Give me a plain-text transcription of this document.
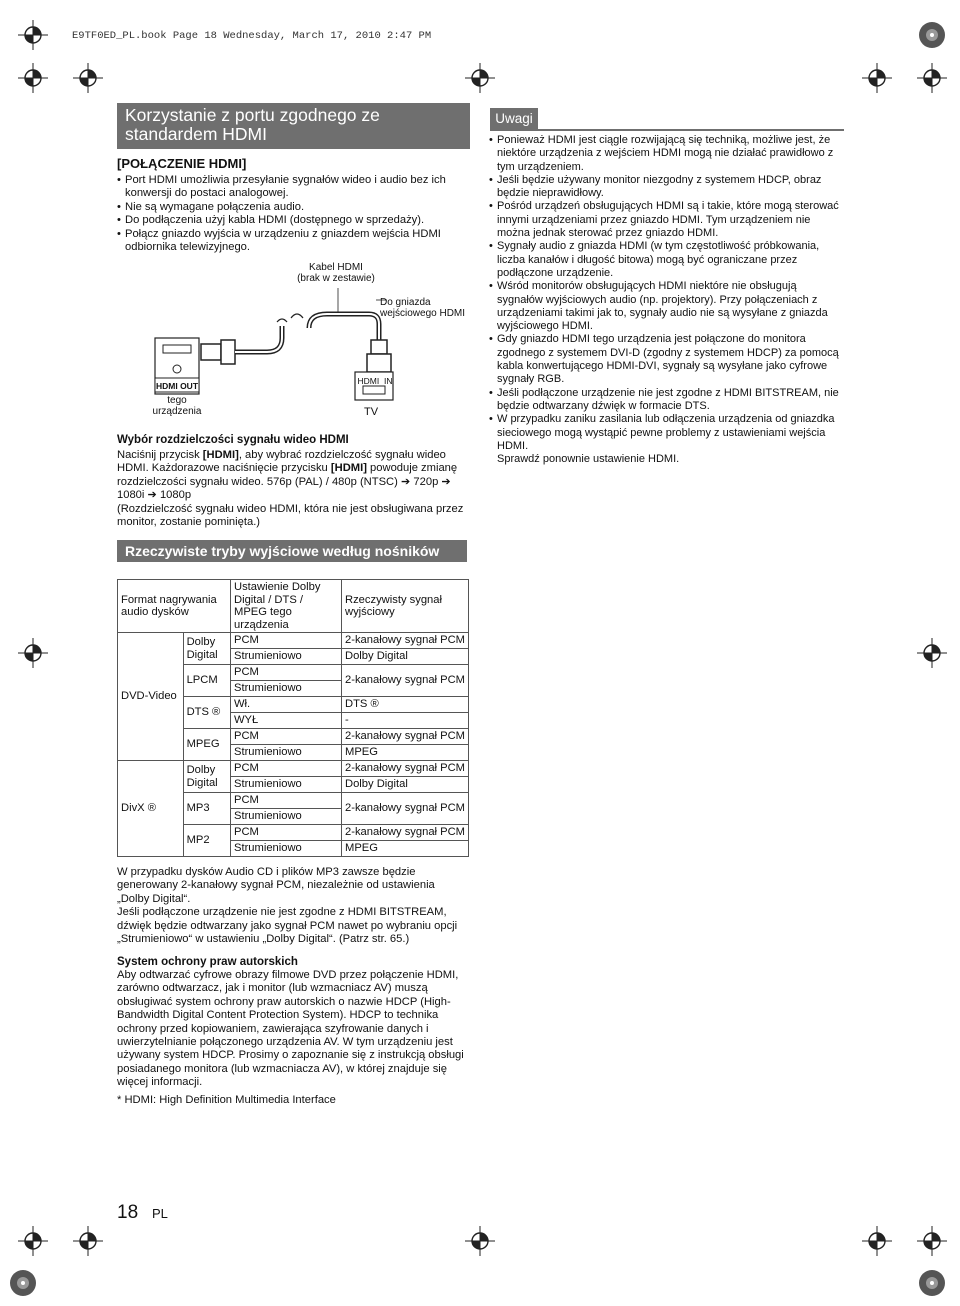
E9TF0ED_PL.book Page 18 Wednesday, March 17, 2010 2:47 PM
Korzystanie z portu zgodnego ze standardem HDMI
[POŁĄCZENIE HDMI]
• Port HDMI umożliwia przesyłanie sygnałów wideo i audio bez ich konwersji do postaci analogowej.
• Nie są wymagane połączenia audio.
• Do podłączenia użyj kabla HDMI (dostępnego w sprzedaży).
• Połącz gniazdo wyjścia w urządzeniu z gniazdem wejścia HDMI odbiornika telewizyjnego.
Kabel HDMI
(brak w zestawie)
Do gniazda
wejściowego HDMI
HDMI OUT
tego
urządzenia
HDMI  IN
TV
Wybór rozdzielczości sygnału wideo HDMI
Naciśnij przycisk [HDMI], aby wybrać rozdzielczość sygnału wideo HDMI. Każdorazowe naciśnięcie przycisku [HDMI] powoduje zmianę rozdzielczości sygnału wideo. 576p (PAL) / 480p (NTSC) ➔ 720p ➔ 1080i ➔ 1080p
(Rozdzielczość sygnału wideo HDMI, która nie jest obsługiwana przez monitor, zostanie pominięta.)
Uwagi
• Ponieważ HDMI jest ciągle rozwijającą się techniką, możliwe jest, że niektóre urządzenia z wejściem HDMI mogą nie działać prawidłowo z tym urządzeniem.
• Jeśli będzie używany monitor niezgodny z systemem HDCP, obraz będzie nieprawidłowy.
• Pośród urządzeń obsługujących HDMI są i takie, które mogą sterować innymi urządzeniami przez gniazdo HDMI. Tym urządzeniem nie można jednak sterować przez gniazdo HDMI.
• Sygnały audio z gniazda HDMI (w tym częstotliwość próbkowania, liczba kanałów i długość bitowa) mogą być ograniczane przez podłączone urządzenie.
• Wśród monitorów obsługujących HDMI niektóre nie obsługują sygnałów wyjściowych audio (np. projektory). Przy połączeniach z urządzeniami takimi jak to, sygnały audio nie są wysyłane z gniazda wyjściowego HDMI.
• Gdy gniazdo HDMI tego urządzenia jest połączone do monitora zgodnego z systemem DVI-D (zgodny z systemem HDCP) za pomocą kabla konwertującego HDMI-DVI, sygnały są wysyłane jako cyfrowe sygnały RGB.
• Jeśli podłączone urządzenie nie jest zgodne z HDMI BITSTREAM, nie będzie odtwarzany dźwięk w formacie DTS.
• W przypadku zaniku zasilania lub odłączenia urządzenia od gniazdka sieciowego mogą wystąpić pewne problemy z ustawieniami wejścia HDMI.
Sprawdź ponownie ustawienie HDMI.
Rzeczywiste tryby wyjściowe według nośników
Format nagrywania audio dysków		Ustawienie Dolby Digital / DTS / MPEG tego urządzenia	Rzeczywisty sygnał wyjściowy
DVD-Video	Dolby Digital	PCM	2-kanałowy sygnał PCM
		Strumieniowo	Dolby Digital
	LPCM	PCM	2-kanałowy sygnał PCM
		Strumieniowo	
	DTS ®	Wł.	DTS ®
		WYŁ	-
	MPEG	PCM	2-kanałowy sygnał PCM
		Strumieniowo	MPEG
DivX ®	Dolby Digital	PCM	2-kanałowy sygnał PCM
		Strumieniowo	Dolby Digital
	MP3	PCM	2-kanałowy sygnał PCM
		Strumieniowo	
	MP2	PCM	2-kanałowy sygnał PCM
		Strumieniowo	MPEG
W przypadku dysków Audio CD i plików MP3 zawsze będzie generowany 2-kanałowy sygnał PCM, niezależnie od ustawienia „Dolby Digital“.
Jeśli podłączone urządzenie nie jest zgodne z HDMI BITSTREAM, dźwięk będzie odtwarzany jako sygnał PCM nawet po wybraniu opcji „Strumieniowo“ w ustawieniu „Dolby Digital“. (Patrz str. 65.)
System ochrony praw autorskich
Aby odtwarzać cyfrowe obrazy filmowe DVD przez połączenie HDMI, zarówno odtwarzacz, jak i monitor (lub wzmacniacz AV) muszą obsługiwać system ochrony praw autorskich o nazwie HDCP (High-Bandwidth Digital Content Protection System). HDCP to technika ochrony przed kopiowaniem, zawierająca szyfrowanie danych i uwierzytelnianie połączonego urządzenia AV. W tym urządzeniu jest używany system HDCP. Prosimy o zapoznanie się z instrukcją obsługi posiadanego monitora (lub wzmacniacza AV), w której znajduje się więcej informacji.
* HDMI: High Definition Multimedia Interface
18 PL
